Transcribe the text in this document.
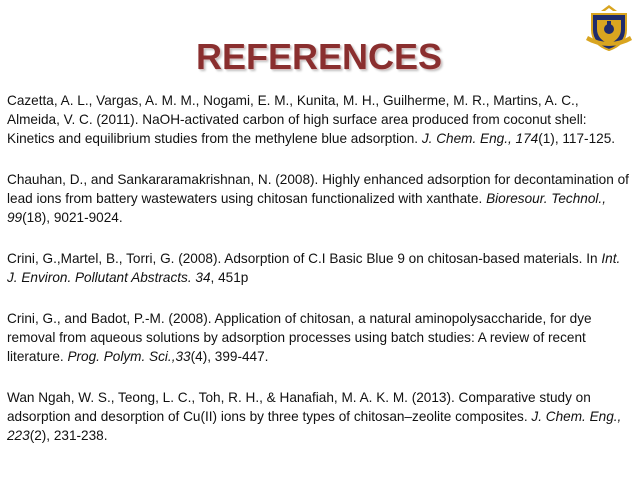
REFERENCES

Cazetta, A. L., Vargas, A. M. M., Nogami, E. M., Kunita, M. H., Guilherme, M. R., Martins, A. C., Almeida, V. C. (2011). NaOH-activated carbon of high surface area produced from coconut shell: Kinetics and equilibrium studies from the methylene blue adsorption. J. Chem. Eng., 174(1), 117-125.

Chauhan, D., and Sankararamakrishnan, N. (2008). Highly enhanced adsorption for decontamination of lead ions from battery wastewaters using chitosan functionalized with xanthate. Bioresour. Technol., 99(18), 9021-9024.

Crini, G.,Martel, B., Torri, G. (2008). Adsorption of C.I Basic Blue 9 on chitosan-based materials. In Int. J. Environ. Pollutant Abstracts. 34, 451p

Crini, G., and Badot, P.-M. (2008). Application of chitosan, a natural aminopolysaccharide, for dye removal from aqueous solutions by adsorption processes using batch studies: A review of recent literature. Prog. Polym. Sci.,33(4), 399-447.

Wan Ngah, W. S., Teong, L. C., Toh, R. H., & Hanafiah, M. A. K. M. (2013). Comparative study on adsorption and desorption of Cu(II) ions by three types of chitosan–zeolite composites. J. Chem. Eng., 223(2), 231-238.
